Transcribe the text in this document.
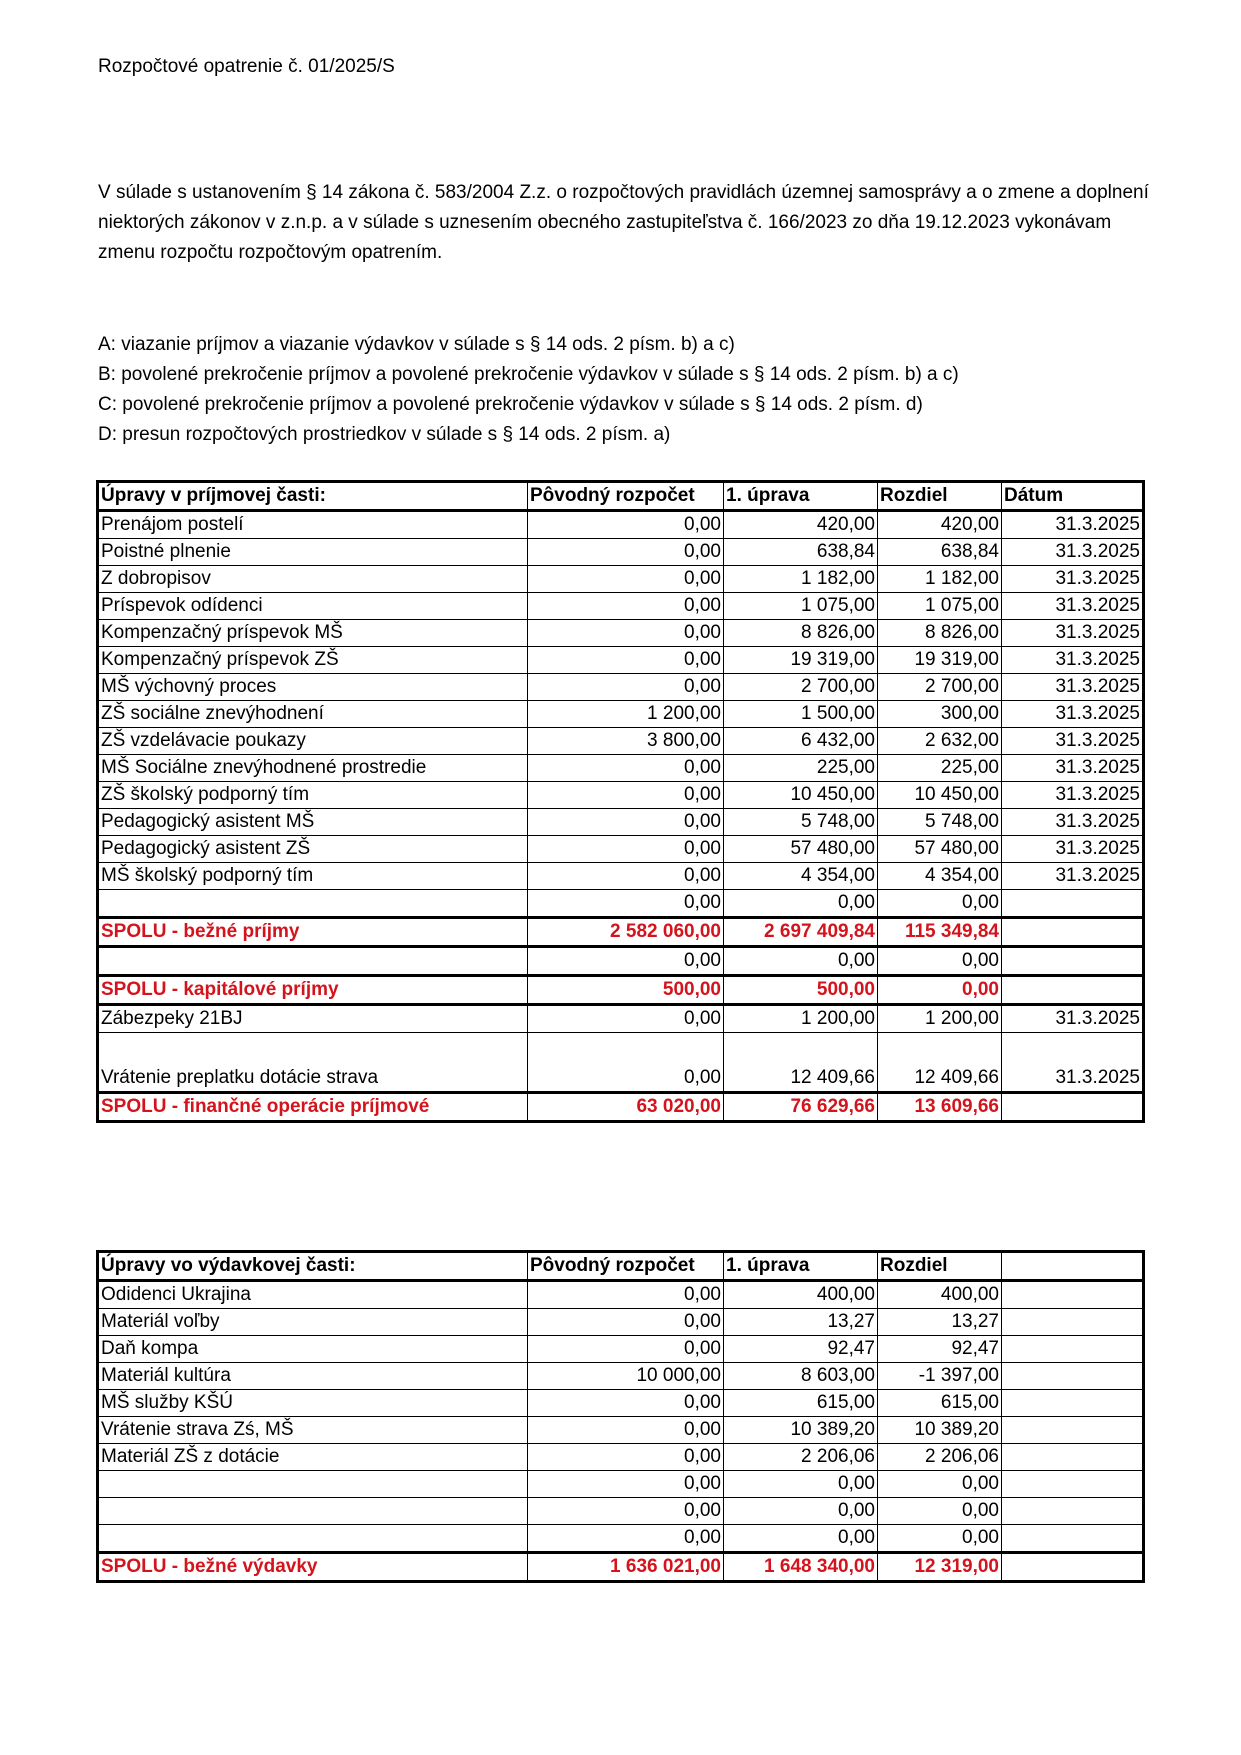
Rozpočtové opatrenie č. 01/2025/S
V súlade s ustanovením § 14 zákona č. 583/2004 Z.z. o rozpočtových pravidlách územnej samosprávy a o zmene a doplnení niektorých zákonov v z.n.p. a v súlade s uznesením obecného zastupiteľstva č. 166/2023 zo dňa 19.12.2023 vykonávam zmenu rozpočtu rozpočtovým opatrením.
A: viazanie príjmov a viazanie výdavkov v súlade s § 14 ods. 2 písm. b) a c)
B: povolené prekročenie príjmov a povolené prekročenie výdavkov v súlade s § 14 ods. 2 písm. b) a c)
C: povolené prekročenie príjmov a povolené prekročenie výdavkov v súlade s § 14 ods. 2 písm. d)
D: presun rozpočtových prostriedkov v súlade s § 14 ods. 2 písm. a)
Úpravy v príjmovej časti:	Pôvodný rozpočet	1. úprava	Rozdiel	Dátum
Prenájom postelí	0,00	420,00	420,00	31.3.2025
Poistné plnenie	0,00	638,84	638,84	31.3.2025
Z dobropisov	0,00	1 182,00	1 182,00	31.3.2025
Príspevok odídenci	0,00	1 075,00	1 075,00	31.3.2025
Kompenzačný príspevok MŠ	0,00	8 826,00	8 826,00	31.3.2025
Kompenzačný príspevok ZŠ	0,00	19 319,00	19 319,00	31.3.2025
MŠ výchovný proces	0,00	2 700,00	2 700,00	31.3.2025
ZŠ sociálne znevýhodnení	1 200,00	1 500,00	300,00	31.3.2025
ZŠ vzdelávacie poukazy	3 800,00	6 432,00	2 632,00	31.3.2025
MŠ Sociálne znevýhodnené prostredie	0,00	225,00	225,00	31.3.2025
ZŠ školský podporný tím	0,00	10 450,00	10 450,00	31.3.2025
Pedagogický asistent MŠ	0,00	5 748,00	5 748,00	31.3.2025
Pedagogický asistent ZŠ	0,00	57 480,00	57 480,00	31.3.2025
MŠ školský podporný tím	0,00	4 354,00	4 354,00	31.3.2025
	0,00	0,00	0,00	
SPOLU - bežné príjmy	2 582 060,00	2 697 409,84	115 349,84	
	0,00	0,00	0,00	
SPOLU - kapitálové príjmy	500,00	500,00	0,00	
Zábezpeky 21BJ	0,00	1 200,00	1 200,00	31.3.2025
Vrátenie preplatku dotácie strava	0,00	12 409,66	12 409,66	31.3.2025
SPOLU - finančné operácie príjmové	63 020,00	76 629,66	13 609,66	
Úpravy vo výdavkovej časti:	Pôvodný rozpočet	1. úprava	Rozdiel	
Odidenci Ukrajina	0,00	400,00	400,00	
Materiál voľby	0,00	13,27	13,27	
Daň kompa	0,00	92,47	92,47	
Materiál kultúra	10 000,00	8 603,00	-1 397,00	
MŠ služby KŠÚ	0,00	615,00	615,00	
Vrátenie strava Zś, MŠ	0,00	10 389,20	10 389,20	
Materiál ZŠ z dotácie	0,00	2 206,06	2 206,06	
	0,00	0,00	0,00	
	0,00	0,00	0,00	
	0,00	0,00	0,00	
SPOLU - bežné výdavky	1 636 021,00	1 648 340,00	12 319,00	
